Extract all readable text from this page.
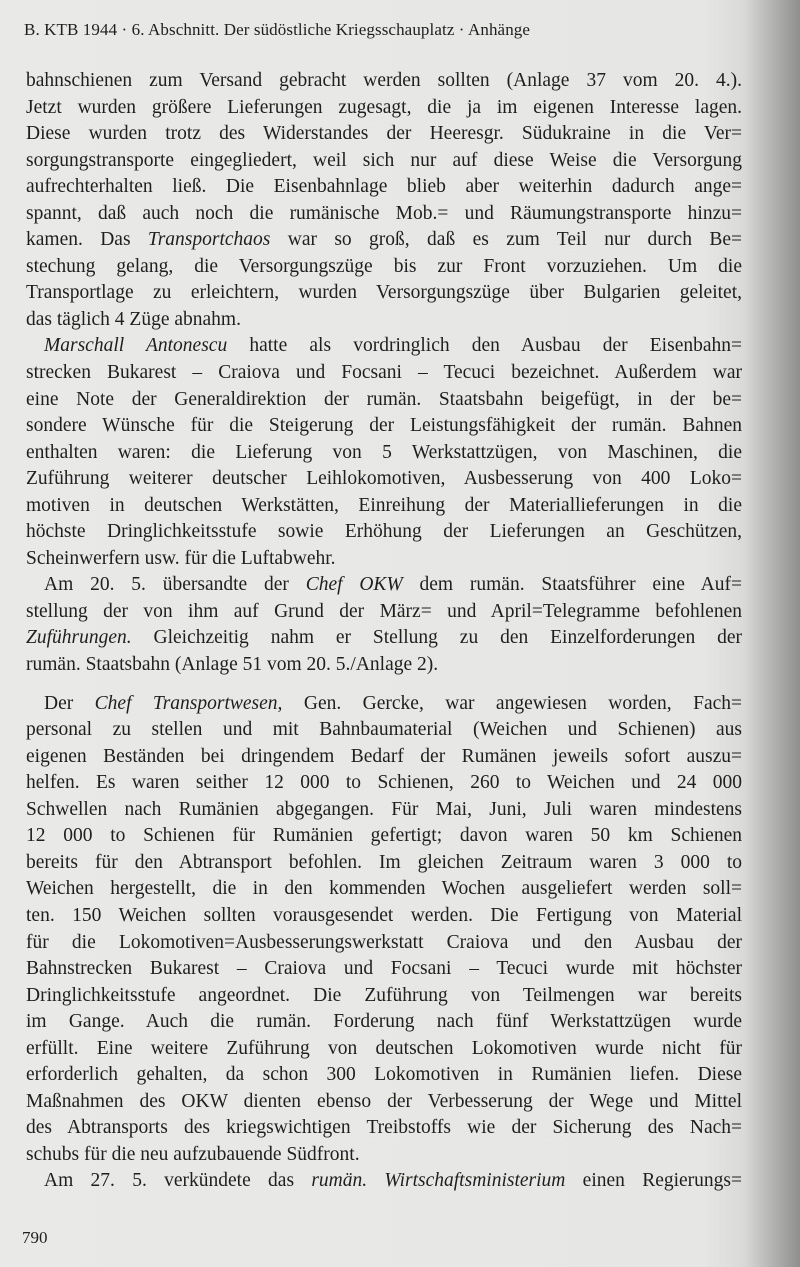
B. KTB 1944 · 6. Abschnitt. Der südöstliche Kriegsschauplatz · Anhänge
bahnschienen zum Versand gebracht werden sollten (Anlage 37 vom 20. 4.).
Jetzt wurden größere Lieferungen zugesagt, die ja im eigenen Interesse lagen.
Diese wurden trotz des Widerstandes der Heeresgr. Südukraine in die Ver=
sorgungstransporte eingegliedert, weil sich nur auf diese Weise die Versorgung
aufrechterhalten ließ. Die Eisenbahnlage blieb aber weiterhin dadurch ange=
spannt, daß auch noch die rumänische Mob.= und Räumungstransporte hinzu=
kamen. Das Transportchaos war so groß, daß es zum Teil nur durch Be=
stechung gelang, die Versorgungszüge bis zur Front vorzuziehen. Um die
Transportlage zu erleichtern, wurden Versorgungszüge über Bulgarien geleitet,
das täglich 4 Züge abnahm.
Marschall Antonescu hatte als vordringlich den Ausbau der Eisenbahn=
strecken Bukarest – Craiova und Focsani – Tecuci bezeichnet. Außerdem war
eine Note der Generaldirektion der rumän. Staatsbahn beigefügt, in der be=
sondere Wünsche für die Steigerung der Leistungsfähigkeit der rumän. Bahnen
enthalten waren: die Lieferung von 5 Werkstattzügen, von Maschinen, die
Zuführung weiterer deutscher Leihlokomotiven, Ausbesserung von 400 Loko=
motiven in deutschen Werkstätten, Einreihung der Materiallieferungen in die
höchste Dringlichkeitsstufe sowie Erhöhung der Lieferungen an Geschützen,
Scheinwerfern usw. für die Luftabwehr.
Am 20. 5. übersandte der Chef OKW dem rumän. Staatsführer eine Auf=
stellung der von ihm auf Grund der März= und April=Telegramme befohlenen
Zuführungen. Gleichzeitig nahm er Stellung zu den Einzelforderungen der
rumän. Staatsbahn (Anlage 51 vom 20. 5./Anlage 2).
Der Chef Transportwesen, Gen. Gercke, war angewiesen worden, Fach=
personal zu stellen und mit Bahnbaumaterial (Weichen und Schienen) aus
eigenen Beständen bei dringendem Bedarf der Rumänen jeweils sofort auszu=
helfen. Es waren seither 12 000 to Schienen, 260 to Weichen und 24 000
Schwellen nach Rumänien abgegangen. Für Mai, Juni, Juli waren mindestens
12 000 to Schienen für Rumänien gefertigt; davon waren 50 km Schienen
bereits für den Abtransport befohlen. Im gleichen Zeitraum waren 3 000 to
Weichen hergestellt, die in den kommenden Wochen ausgeliefert werden soll=
ten. 150 Weichen sollten vorausgesendet werden. Die Fertigung von Material
für die Lokomotiven=Ausbesserungswerkstatt Craiova und den Ausbau der
Bahnstrecken Bukarest – Craiova und Focsani – Tecuci wurde mit höchster
Dringlichkeitsstufe angeordnet. Die Zuführung von Teilmengen war bereits
im Gange. Auch die rumän. Forderung nach fünf Werkstattzügen wurde
erfüllt. Eine weitere Zuführung von deutschen Lokomotiven wurde nicht für
erforderlich gehalten, da schon 300 Lokomotiven in Rumänien liefen. Diese
Maßnahmen des OKW dienten ebenso der Verbesserung der Wege und Mittel
des Abtransports des kriegswichtigen Treibstoffs wie der Sicherung des Nach=
schubs für die neu aufzubauende Südfront.
Am 27. 5. verkündete das rumän. Wirtschaftsministerium einen Regierungs=
790
